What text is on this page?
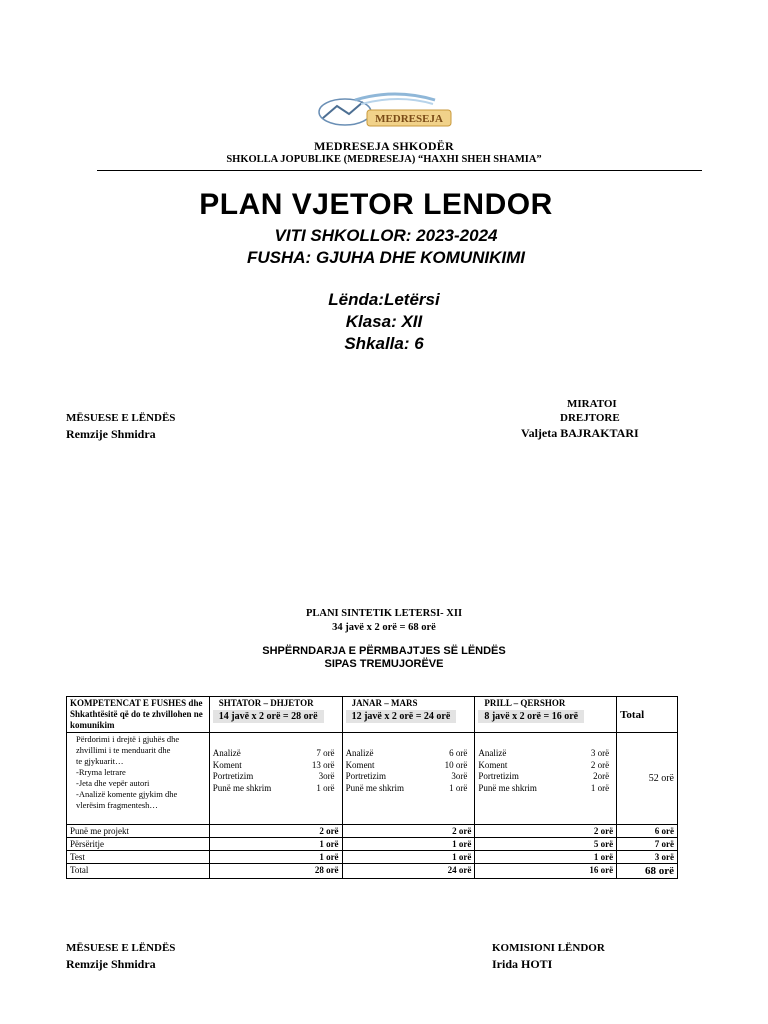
MEDRESEJA
MEDRESEJA SHKODËR
SHKOLLA JOPUBLIKE (MEDRESEJA) “HAXHI SHEH SHAMIA”
PLAN VJETOR LENDOR
VITI SHKOLLOR: 2023-2024
FUSHA: GJUHA DHE KOMUNIKIMI
Lënda:Letërsi
Klasa: XII
Shkalla: 6
MËSUESE E LËNDËS
Remzije Shmidra
MIRATOI
DREJTORE
Valjeta BAJRAKTARI
PLANI SINTETIK LETERSI- XII
34 javë x 2 orë = 68 orë
SHPËRNDARJA E PËRMBAJTJES SË LËNDËS
SIPAS TREMUJORËVE
KOMPETENCAT E FUSHES dhe Shkathtësitë që do te zhvillohen ne komunikim	
SHTATOR – DHJETOR
14 javë x 2 orë = 28 orë	
JANAR – MARS
12 javë x 2 orë = 24 orë	
PRILL – QERSHOR
8 javë x 2 orë = 16 orë	Total

Përdorimi i drejtë i gjuhës dhe
zhvillimi i te menduarit dhe
te gjykuarit…
-Rryma letrare
-Jeta dhe vepër autori
-Analizë komente gjykim dhe
vlerësim fragmentesh…

Analizë	7 orë
Koment	13 orë
Portretizim	3orë
Punë me shkrim	1 orë

Analizë	6 orë
Koment	10 orë
Portretizim	3orë
Punë me shkrim	1 orë

Analizë	3 orë
Koment	2 orë
Portretizim	2orë
Punë me shkrim	1 orë
	52 orë
Punë me projekt	2 orë	2 orë	2 orë	6 orë
Përsëritje	1 orë	1 orë	5 orë	7 orë
Test	1 orë	1 orë	1 orë	3 orë
Total	28 orë	24 orë	16 orë	68 orë
MËSUESE E LËNDËS
Remzije Shmidra
KOMISIONI LËNDOR
Irida HOTI
